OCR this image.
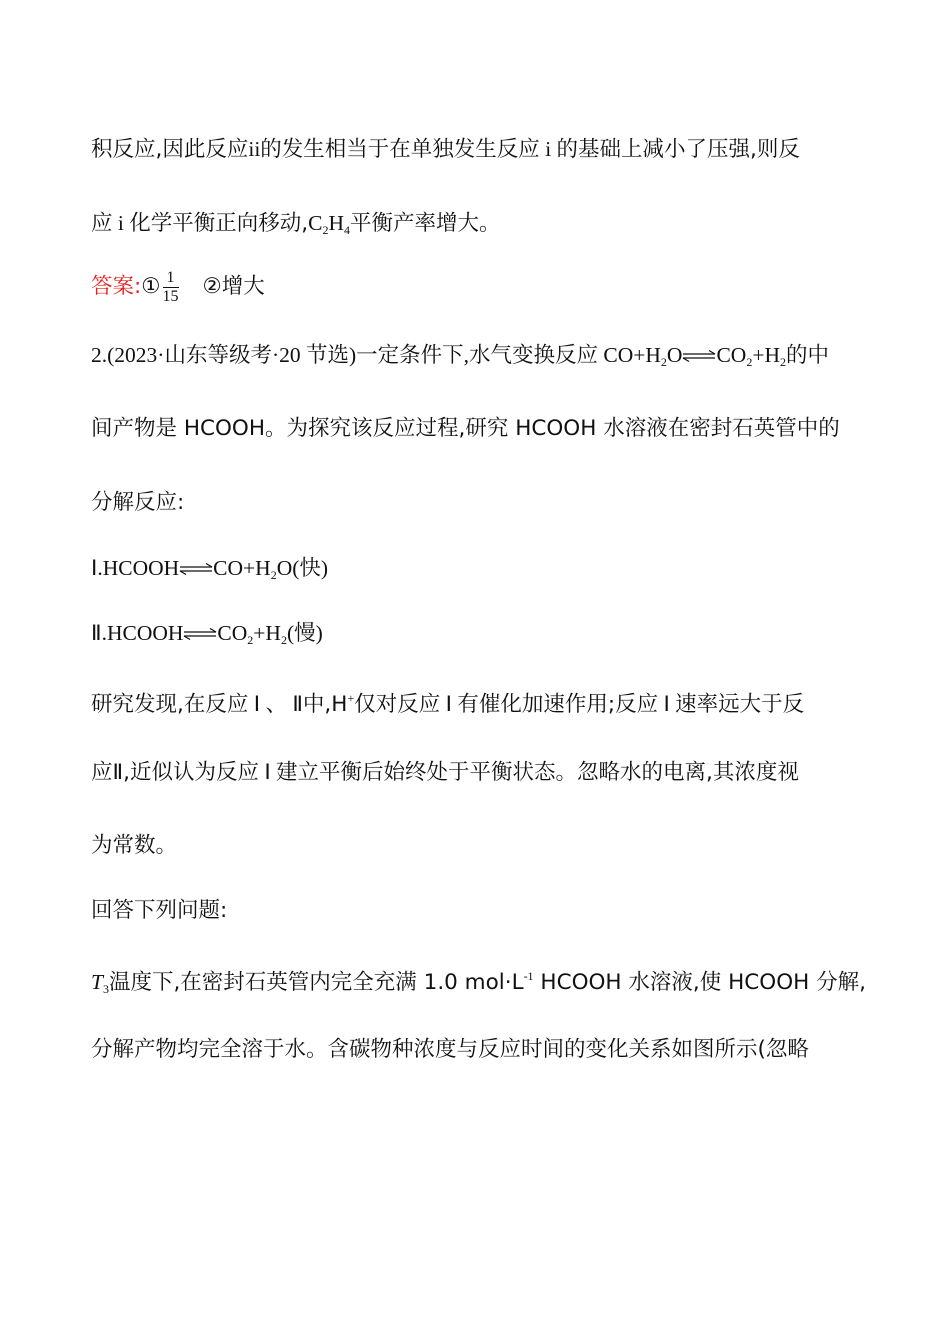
积反应,因此反应ii的发生相当于在单独发生反应 i 的基础上减小了压强,则反
应 i 化学平衡正向移动$,C_2H_4$平衡产率增大。
答案:① $\frac{1}{15}$ ②增大
2.(2023·山东等级考·20 节选)一定条件下,水气变换反应 $CO+H_2O\rightleftharpoons CO_2+H_2$的中
间产物是 HCOOH。为探究该反应过程,研究 HCOOH 水溶液在密封石英管中的
分解反应:
$Ⅰ.HCOOH\rightleftharpoons CO+H_2O$(快)
$Ⅱ.HCOOH\rightleftharpoons CO_2+H_2$(慢)
研究发现,在反应 Ⅰ 、 Ⅱ中,H+仅对反应 Ⅰ 有催化加速作用;反应 Ⅰ 速率远大于反
应Ⅱ,近似认为反应 Ⅰ 建立平衡后始终处于平衡状态。忽略水的电离,其浓度视
为常数。
回答下列问题:
$T_3$温度下,在密封石英管内完全充满 1.0 $mol\cdot L^{-1}$ HCOOH 水溶液,使 HCOOH 分解,
分解产物均完全溶于水。含碳物种浓度与反应时间的变化关系如图所示(忽略
